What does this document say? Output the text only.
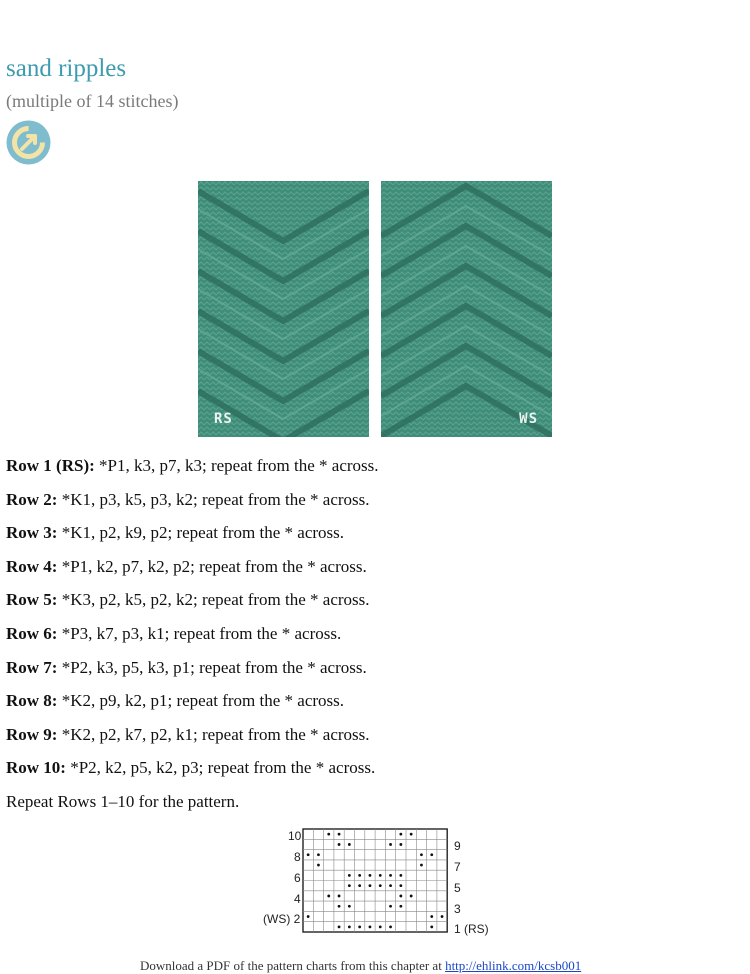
sand ripples
(multiple of 14 stitches)
RS	WS
Row 1 (RS): *P1, k3, p7, k3; repeat from the * across.
Row 2: *K1, p3, k5, p3, k2; repeat from the * across.
Row 3: *K1, p2, k9, p2; repeat from the * across.
Row 4: *P1, k2, p7, k2, p2; repeat from the * across.
Row 5: *K3, p2, k5, p2, k2; repeat from the * across.
Row 6: *P3, k7, p3, k1; repeat from the * across.
Row 7: *P2, k3, p5, k3, p1; repeat from the * across.
Row 8: *K2, p9, k2, p1; repeat from the * across.
Row 9: *K2, p2, k7, p2, k1; repeat from the * across.
Row 10: *P2, k2, p5, k2, p3; repeat from the * across.
Repeat Rows 1–10 for the pattern.
10
8
6
4
(WS) 2
9
7
5
3
1 (RS)
Download a PDF of the pattern charts from this chapter at http://ehlink.com/kcsb001
